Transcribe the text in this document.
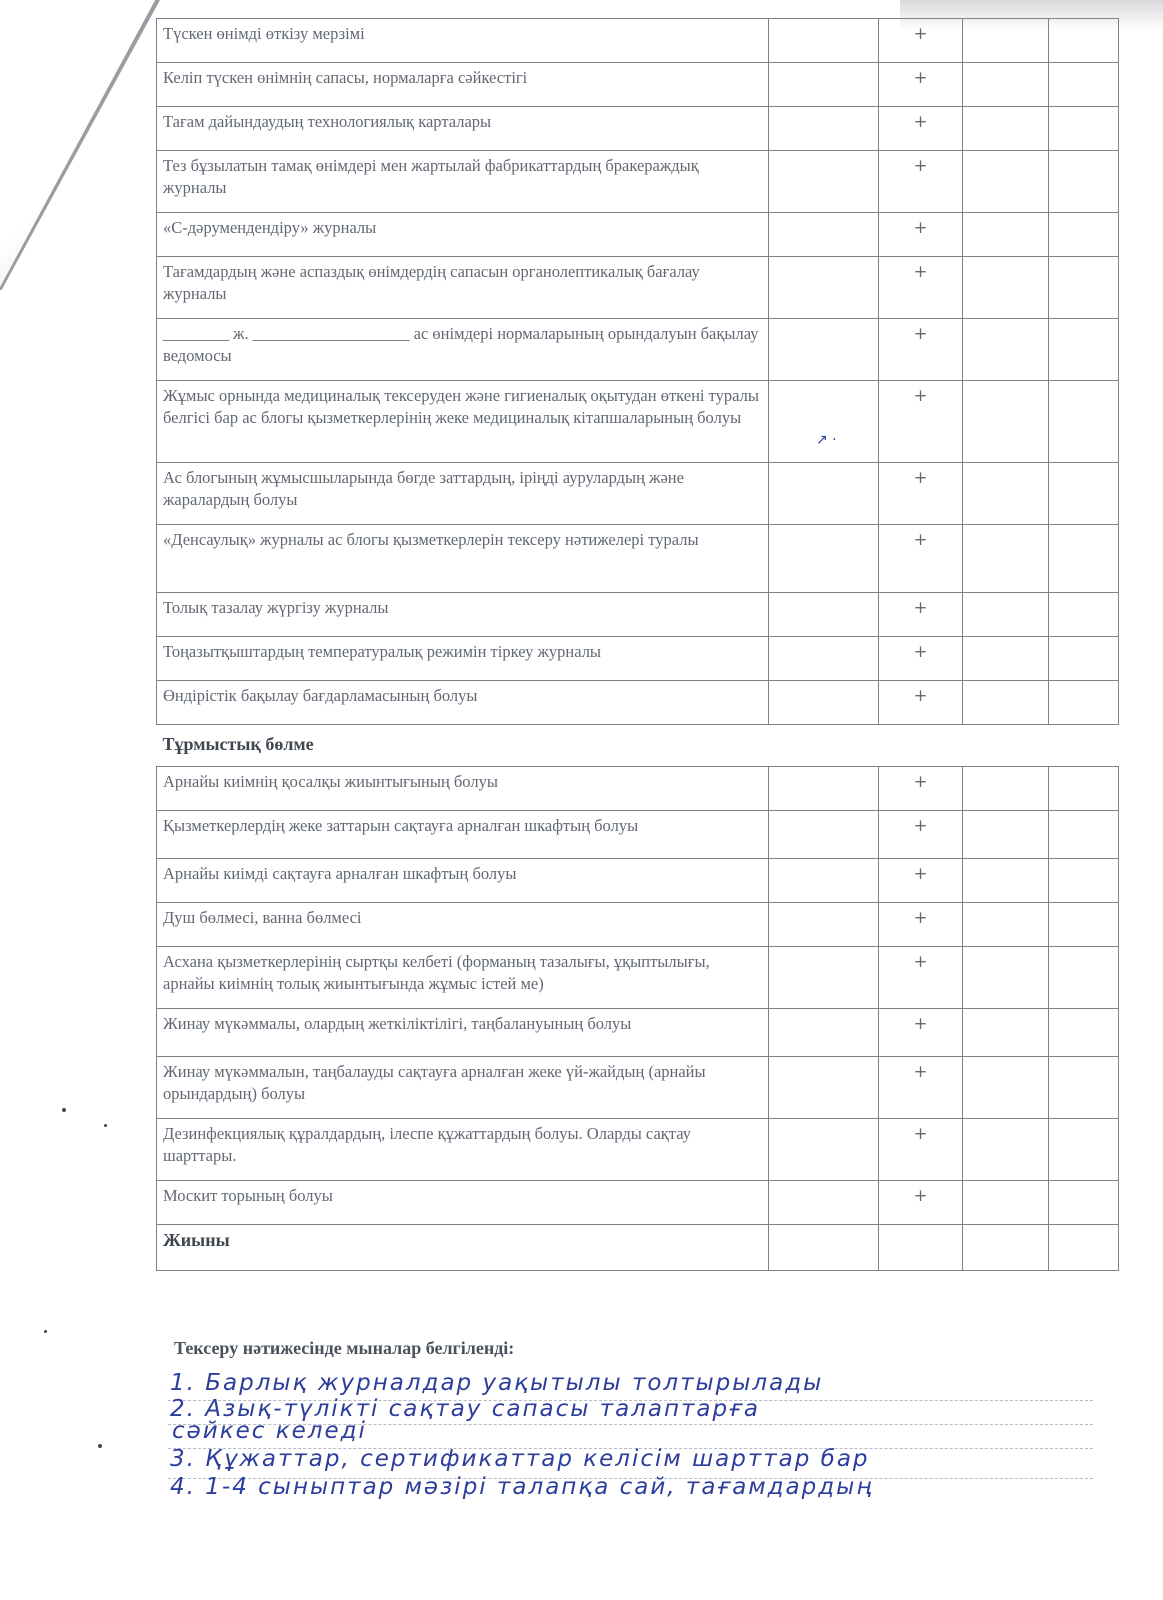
Түскен өнімді өткізу мерзімі		+		
Келіп түскен өнімнің сапасы, нормаларға сәйкестігі		+		
Тағам дайындаудың технологиялық карталары		+		
Тез бұзылатын тамақ өнімдері мен жартылай фабрикаттардың бракераждық журналы		+		
«С-дәрумендендіру» журналы		+		
Тағамдардың және аспаздық өнімдердің сапасын органолептикалық бағалау журналы		+		
________ ж. ___________________ ас өнімдері нормаларының орындалуын бақылау ведомосы		+		
Жұмыс орнында медициналық тексеруден және гигиеналық оқытудан өткені туралы белгісі бар ас блогы қызметкерлерінің жеке медициналық кітапшаларының болуы		+		
Ас блогының жұмысшыларында бөгде заттардың, іріңді аурулардың және жаралардың болуы		+		
«Денсаулық» журналы ас блогы қызметкерлерін тексеру нәтижелері туралы		+		
Толық тазалау жүргізу журналы		+		
Тоңазытқыштардың температуралық режимін тіркеу журналы		+		
Өндірістік бақылау бағдарламасының болуы		+		
Тұрмыстық бөлме				
Арнайы киімнің қосалқы жиынтығының болуы		+		
Қызметкерлердің жеке заттарын сақтауға арналған шкафтың болуы		+		
Арнайы киімді сақтауға арналған шкафтың болуы		+		
Душ бөлмесі, ванна бөлмесі		+		
Асхана қызметкерлерінің сыртқы келбеті (форманың тазалығы, ұқыптылығы, арнайы киімнің толық жиынтығында жұмыс істей ме)		+		
Жинау мүкәммалы, олардың жеткіліктілігі, таңбалануының болуы		+		
Жинау мүкәммалын, таңбалауды сақтауға арналған жеке үй-жайдың (арнайы орындардың) болуы		+		
Дезинфекциялық құралдардың, ілеспе құжаттардың болуы. Оларды сақтау шарттары.		+		
Москит торының болуы		+		
Жиыны				
↗ ·
Тексеру нәтижесінде мыналар белгіленді:
1. Барлық журналдар уақытылы толтырылады
2. Азық-түлікті сақтау сапасы талаптарға
сәйкес келеді
3. Құжаттар, сертификаттар келісім шарттар бар
4. 1-4 сыныптар мәзірі талапқа сай, тағамдардың
